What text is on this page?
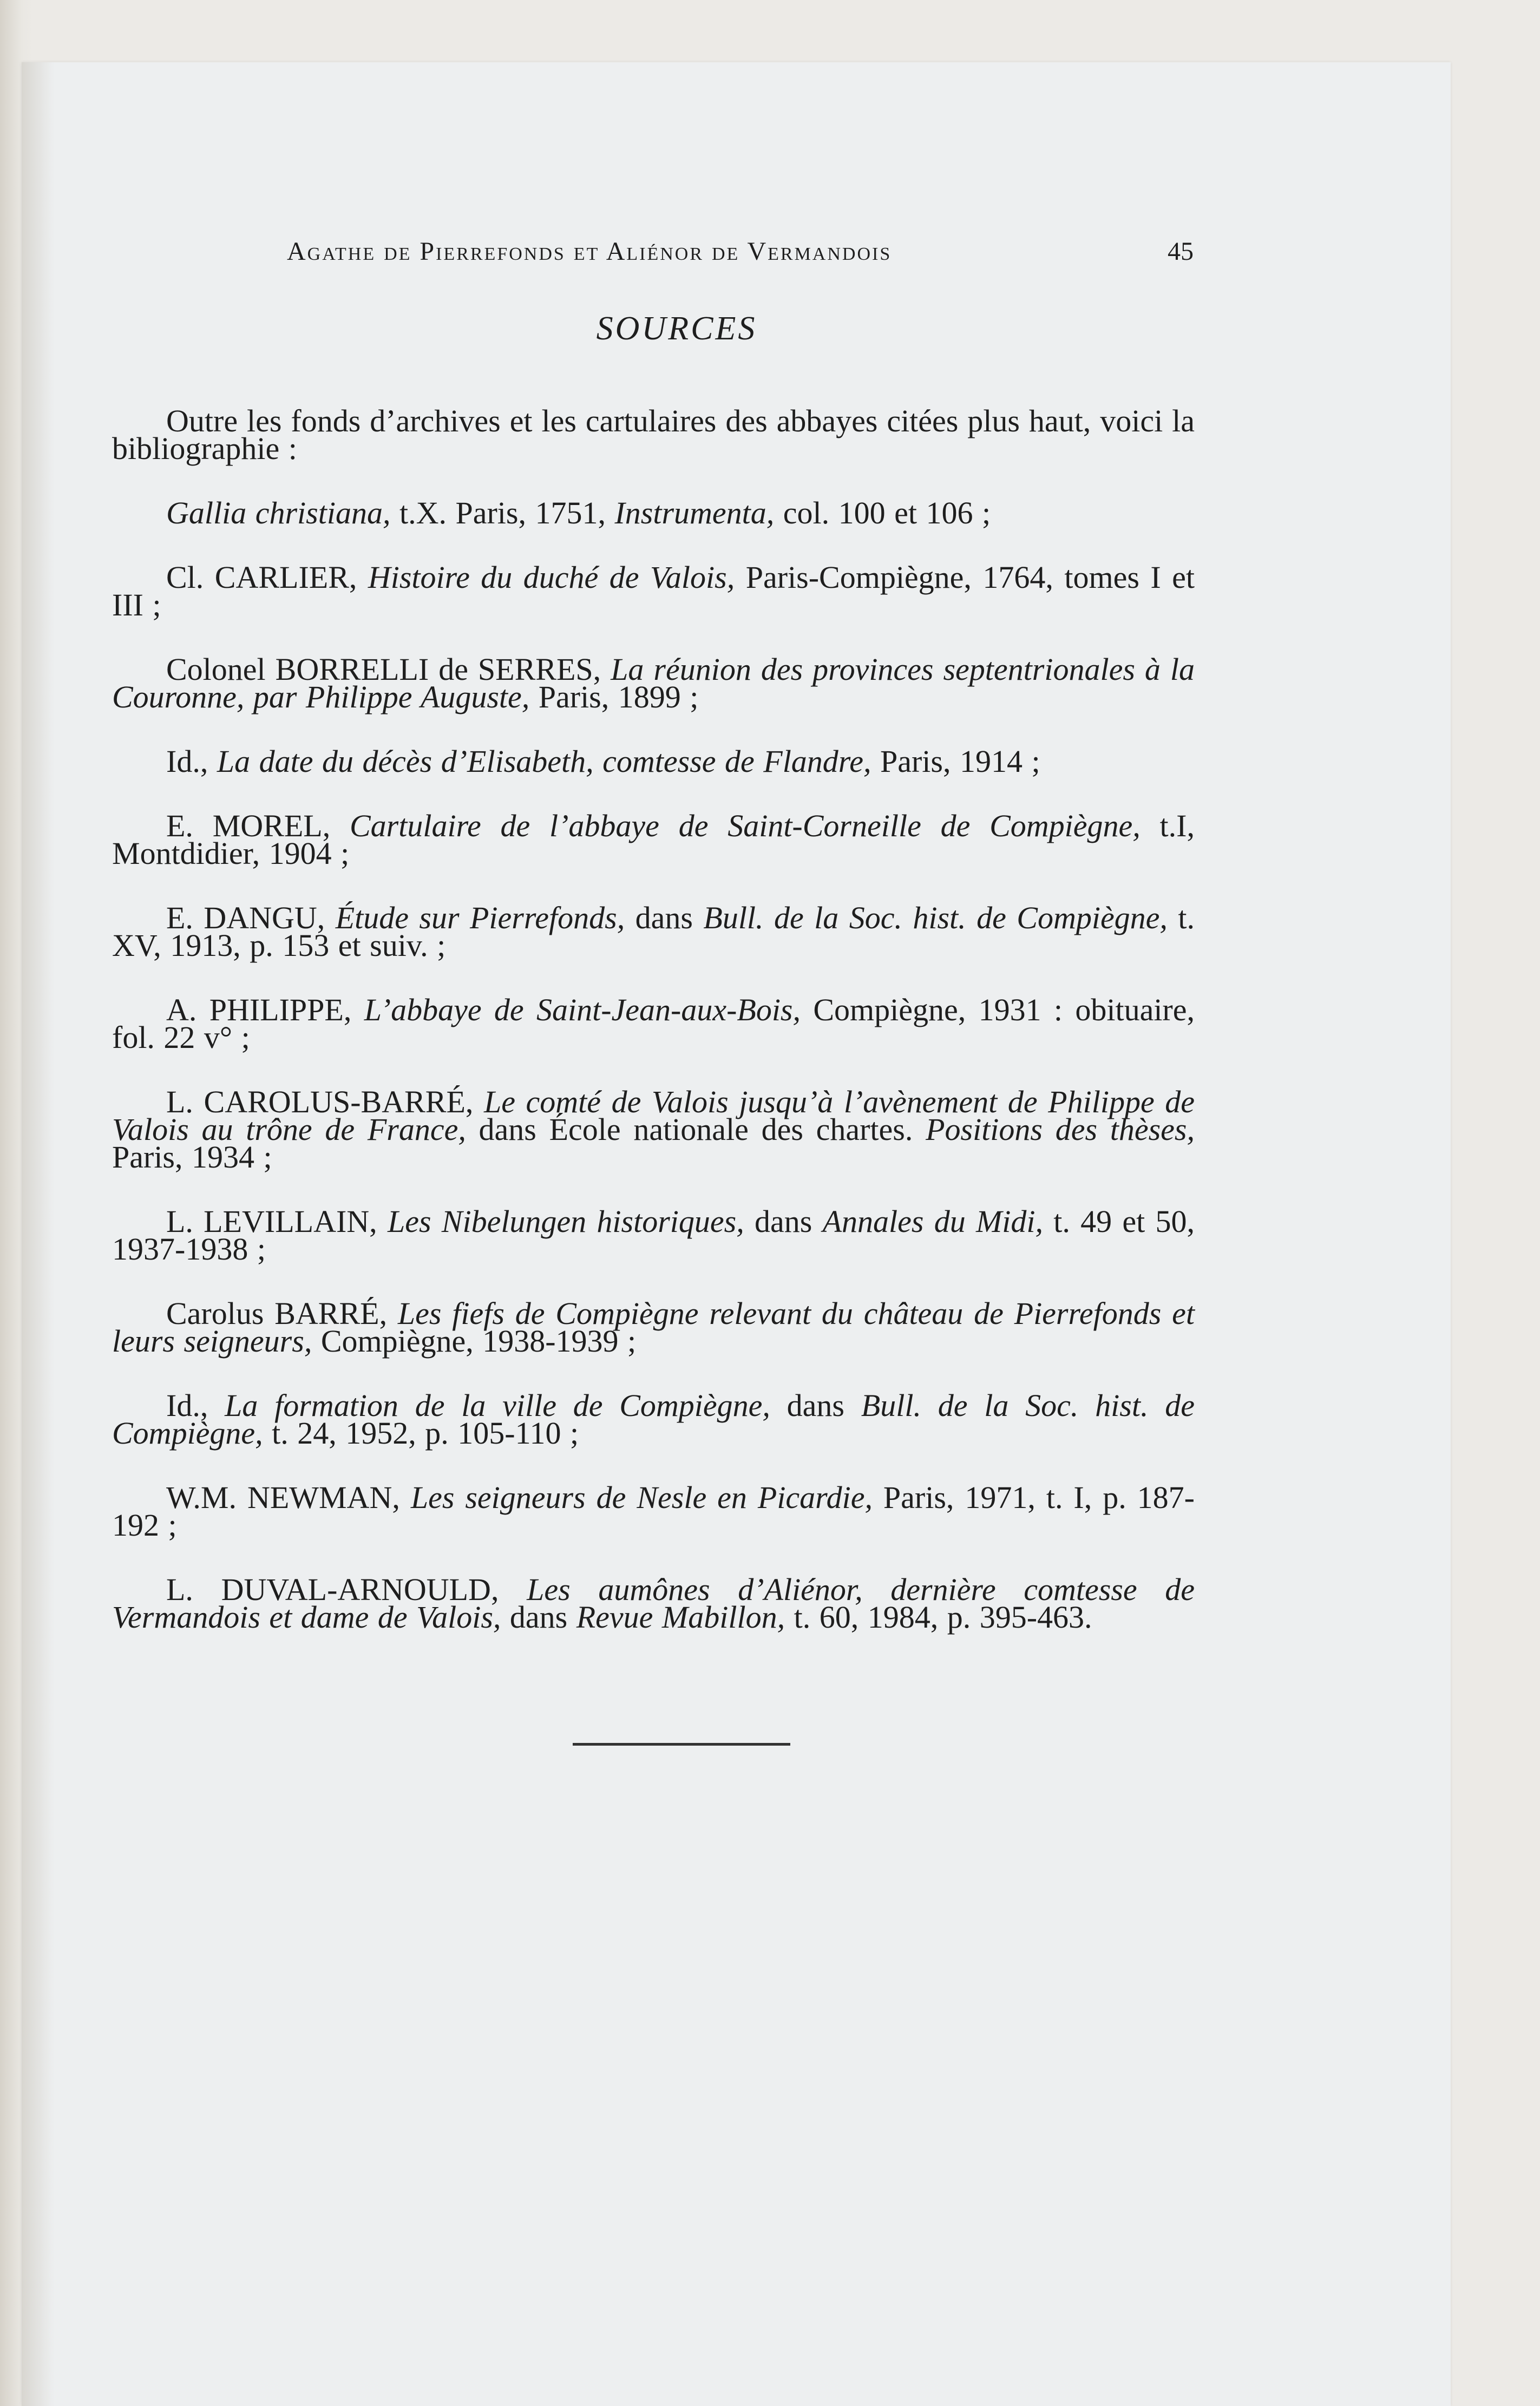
Agathe de Pierrefonds et Aliénor de Vermandois	45
SOURCES

Outre les fonds d’archives et les cartulaires des abbayes citées plus haut, voici la bibliographie :

Gallia christiana, t.X. Paris, 1751, Instrumenta, col. 100 et 106 ;

Cl. CARLIER, Histoire du duché de Valois, Paris-Compiègne, 1764, tomes I et III ;

Colonel BORRELLI de SERRES, La réunion des provinces septentrionales à la Couronne, par Philippe Auguste, Paris, 1899 ;

Id., La date du décès d’Elisabeth, comtesse de Flandre, Paris, 1914 ;

E. MOREL, Cartulaire de l’abbaye de Saint-Corneille de Compiègne, t.I, Montdidier, 1904 ;

E. DANGU, Étude sur Pierrefonds, dans Bull. de la Soc. hist. de Compiègne, t. XV, 1913, p. 153 et suiv. ;

A. PHILIPPE, L’abbaye de Saint-Jean-aux-Bois, Compiègne, 1931 : obituaire, fol. 22 v° ;

L. CAROLUS-BARRÉ, Le comté de Valois jusqu’à l’avènement de Philippe de Valois au trône de France, dans École nationale des chartes. Positions des thèses, Paris, 1934 ;

L. LEVILLAIN, Les Nibelungen historiques, dans Annales du Midi, t. 49 et 50, 1937-1938 ;

Carolus BARRÉ, Les fiefs de Compiègne relevant du château de Pierrefonds et leurs seigneurs, Compiègne, 1938-1939 ;

Id., La formation de la ville de Compiègne, dans Bull. de la Soc. hist. de Compiègne, t. 24, 1952, p. 105-110 ;

W.M. NEWMAN, Les seigneurs de Nesle en Picardie, Paris, 1971, t. I, p. 187-192 ;

L. DUVAL-ARNOULD, Les aumônes d’Aliénor, dernière comtesse de Vermandois et dame de Valois, dans Revue Mabillon, t. 60, 1984, p. 395-463.
